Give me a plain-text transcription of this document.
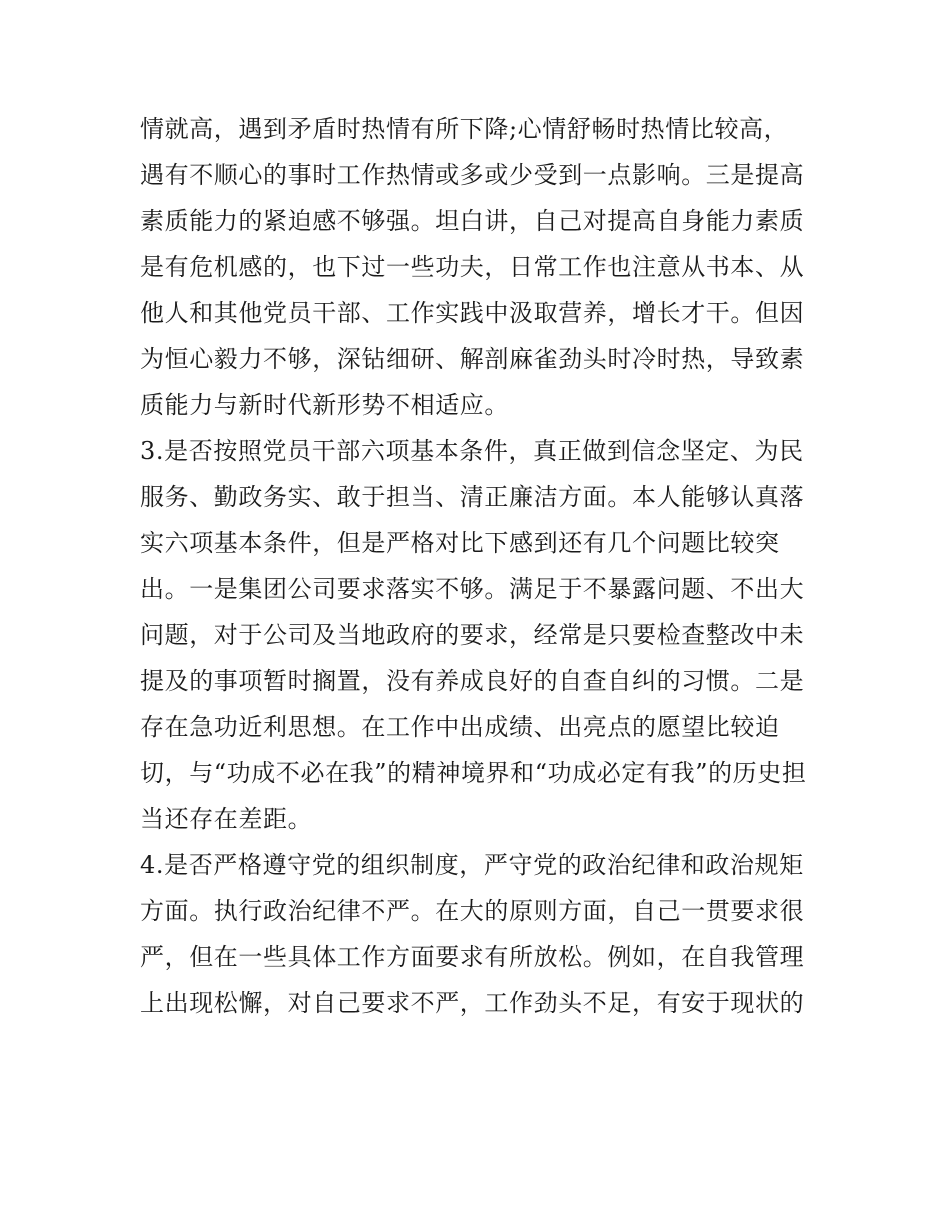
情就高，遇到矛盾时热情有所下降;心情舒畅时热情比较高，
遇有不顺心的事时工作热情或多或少受到一点影响。三是提高
素质能力的紧迫感不够强。坦白讲，自己对提高自身能力素质
是有危机感的，也下过一些功夫，日常工作也注意从书本、从
他人和其他党员干部、工作实践中汲取营养，增长才干。但因
为恒心毅力不够，深钻细研、解剖麻雀劲头时冷时热，导致素
质能力与新时代新形势不相适应。
3.是否按照党员干部六项基本条件，真正做到信念坚定、为民
服务、勤政务实、敢于担当、清正廉洁方面。本人能够认真落
实六项基本条件，但是严格对比下感到还有几个问题比较突
出。一是集团公司要求落实不够。满足于不暴露问题、不出大
问题，对于公司及当地政府的要求，经常是只要检查整改中未
提及的事项暂时搁置，没有养成良好的自查自纠的习惯。二是
存在急功近利思想。在工作中出成绩、出亮点的愿望比较迫
切，与“功成不必在我”的精神境界和“功成必定有我”的历史担
当还存在差距。
4.是否严格遵守党的组织制度，严守党的政治纪律和政治规矩
方面。执行政治纪律不严。在大的原则方面，自己一贯要求很
严，但在一些具体工作方面要求有所放松。例如，在自我管理
上出现松懈，对自己要求不严，工作劲头不足，有安于现状的
